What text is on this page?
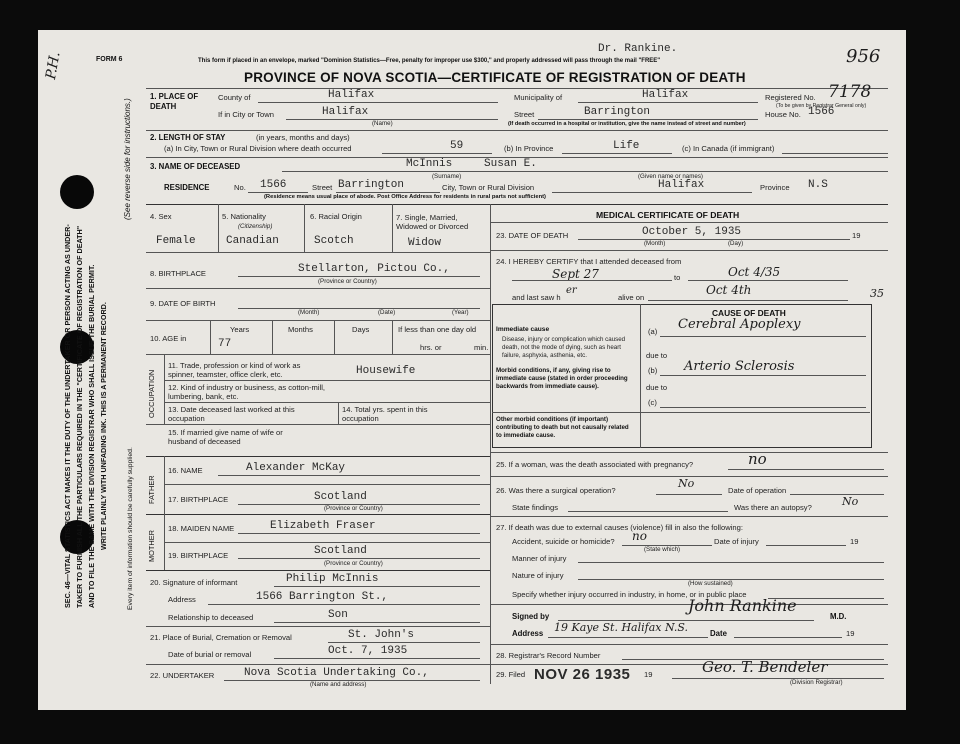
P.H.	FORM 6
SEC. 46—VITAL STATISTICS ACT MAKES IT THE DUTY OF THE UNDERTAKER OR PERSON ACTING AS UNDER- TAKER TO FURNISH ALL THE PARTICULARS REQUIRED IN THE "CERTIFICATE OF REGISTRATION OF DEATH" AND TO FILE THE SAME WITH THE DIVISION REGISTRAR WHO SHALL ISSUE THE BURIAL PERMIT. WRITE PLAINLY WITH UNFADING INK. THIS IS A PERMANENT RECORD.
(See reverse side for instructions.)
Every item of information should be carefully supplied.
Dr. Rankine.	956
This form if placed in an envelope, marked "Dominion Statistics—Free, penalty for improper use $300," and properly addressed will pass through the mail "FREE"
PROVINCE OF NOVA SCOTIA—CERTIFICATE OF REGISTRATION OF DEATH
1. PLACE OF DEATH
County of	Halifax	Municipality of	Halifax	Registered No. 7178
(To be given by Registrar General only)
If in City or Town	Halifax
(Name)
Street	Barrington	House No. 1566
(If death occurred in a hospital or institution, give the name instead of street and number)
2. LENGTH OF STAY	(in years, months and days)
(a) In City, Town or Rural Division where death occurred	59	(b) In Province	Life	(c) In Canada (if immigrant)
3. NAME OF DECEASED	McInnis	Susan E.
(Surname)	(Given name or names)
RESIDENCE	No. 1566	Street Barrington	City, Town or Rural Division	Halifax	Province N.S
(Residence means usual place of abode. Post Office Address for residents in rural parts not sufficient)
4. Sex
Female
5. Nationality
(Citizenship)
Canadian
6. Racial Origin
Scotch
7. Single, Married, Widowed or Divorced
Widow
8. BIRTHPLACE	Stellarton, Pictou Co.,
(Province or Country)
9. DATE OF BIRTH
(Month)	(Date)	(Year)
10. AGE in
Years	Months	Days
77
If less than one day old
hrs. or	min.
OCCUPATION
11. Trade, profession or kind of work as spinner, teamster, office clerk, etc.	Housewife
12. Kind of industry or business, as cotton-mill, lumbering, bank, etc.
13. Date deceased last worked at this occupation
14. Total yrs. spent in this occupation
15. If married give name of wife or husband of deceased
FATHER
16. NAME	Alexander McKay
17. BIRTHPLACE	Scotland
(Province or Country)
MOTHER
18. MAIDEN NAME	Elizabeth Fraser
19. BIRTHPLACE	Scotland
(Province or Country)
20. Signature of informant	Philip McInnis
Address	1566 Barrington St.,
Relationship to deceased	Son
21. Place of Burial, Cremation or Removal	St. John's
Date of burial or removal	Oct. 7, 1935
22. UNDERTAKER	Nova Scotia Undertaking Co.,
(Name and address)
MEDICAL CERTIFICATE OF DEATH
23. DATE OF DEATH	October 5, 1935
(Month)	(Day)
19
24. I HEREBY CERTIFY that I attended deceased from
Sept 27	to	Oct 4/35
and last saw h
er
alive on
Oct 4th	35
CAUSE OF DEATH
Immediate cause
Disease, injury or complication which caused death, not the mode of dying, such as heart failure, asphyxia, asthenia, etc.
(a) Cerebral Apoplexy
due to
Morbid conditions, if any, giving rise to immediate cause (stated in order proceeding backwards from immediate cause).
(b) Arterio Sclerosis
due to
(c)
Other morbid conditions (if important) contributing to death but not causally related to immediate cause.
25. If a woman, was the death associated with pregnancy?	no
26. Was there a surgical operation?
No
Date of operation
State findings	Was there an autopsy?	No
27. If death was due to external causes (violence) fill in also the following:
Accident, suicide or homicide? no
(State which)
Date of injury	19
Manner of injury
Nature of injury
(How sustained)
Specify whether injury occurred in industry, in home, or in public place
Signed by
John Rankine
M.D.
Address 19 Kaye St. Halifax N.S.	Date	19
28. Registrar's Record Number
29. Filed NOV 26 1935 19	Geo. T. Bendeler
(Division Registrar)
